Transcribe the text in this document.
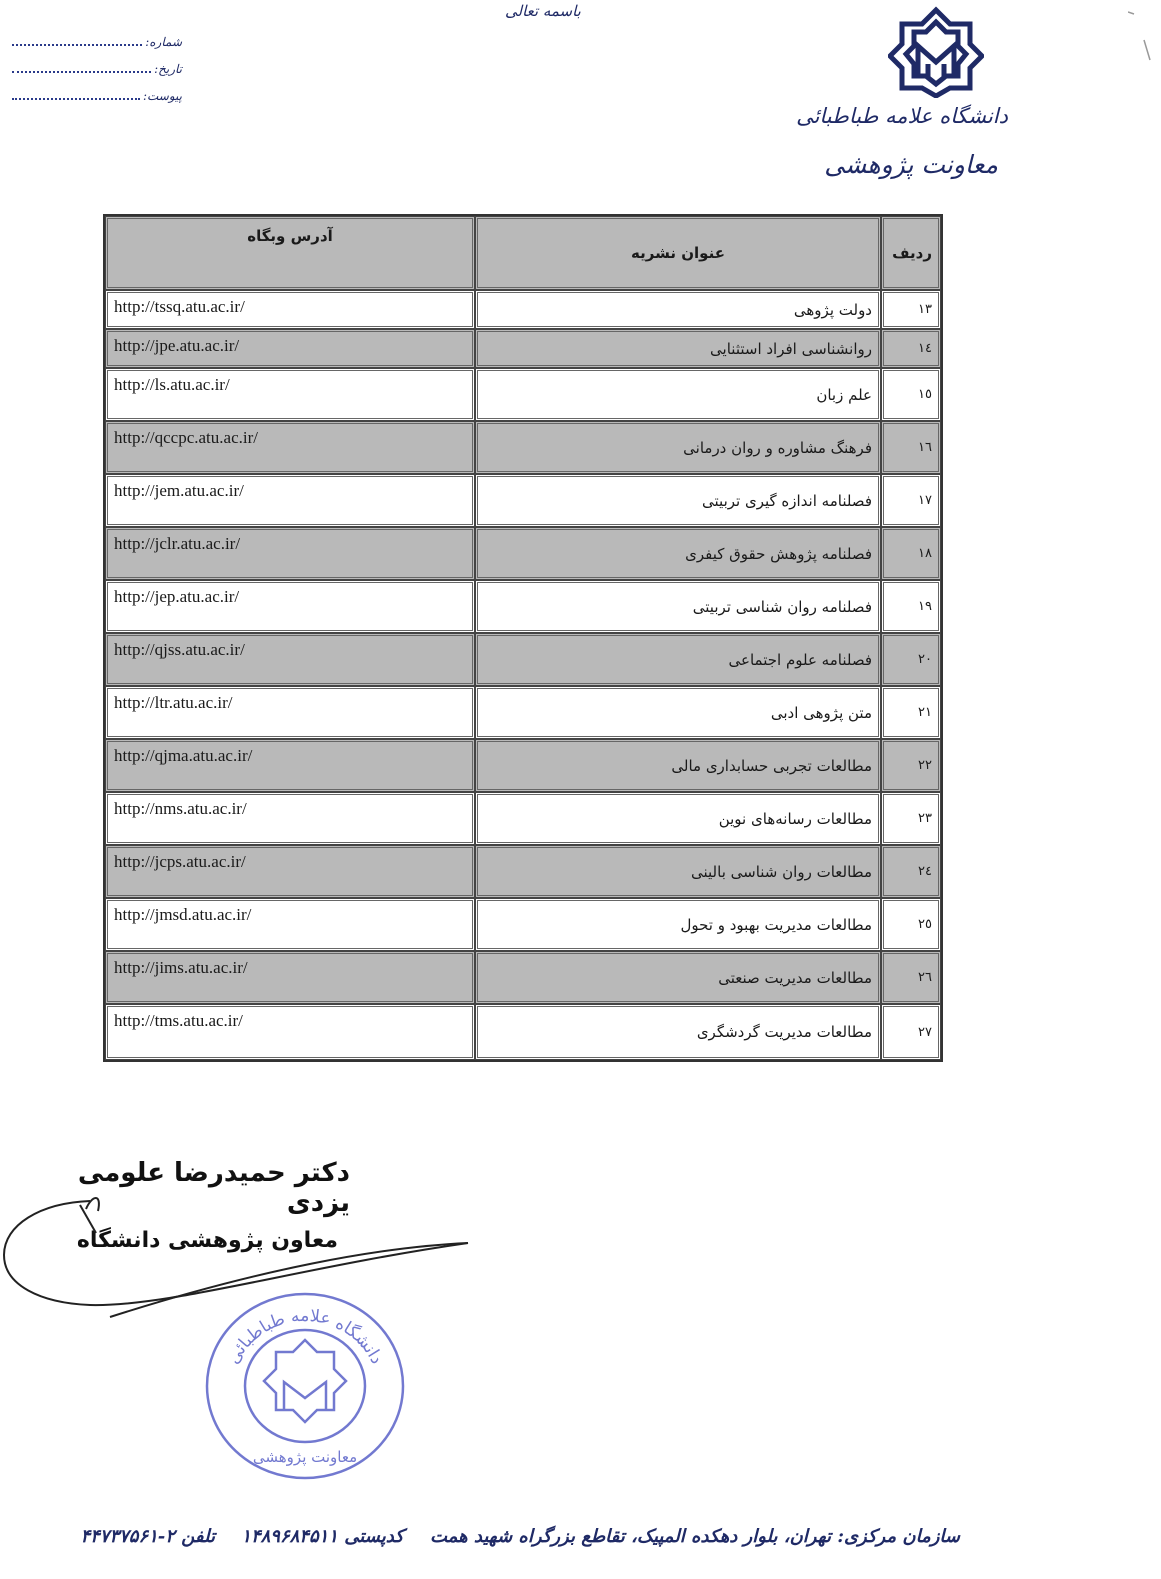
باسمه تعالی
شماره:
تاریخ:
پیوست:
دانشگاه علامه طباطبائی
معاونت پژوهشی
ردیف	عنوان نشریه	آدرس وبگاه
۱۳	دولت پژوهی	http://tssq.atu.ac.ir/
۱٤	روانشناسی افراد استثنایی	http://jpe.atu.ac.ir/
۱٥	علم زبان	http://ls.atu.ac.ir/
۱٦	فرهنگ مشاوره و روان درمانی	http://qccpc.atu.ac.ir/
۱۷	فصلنامه اندازه گیری تربیتی	http://jem.atu.ac.ir/
۱۸	فصلنامه پژوهش حقوق کیفری	http://jclr.atu.ac.ir/
۱۹	فصلنامه روان شناسی تربیتی	http://jep.atu.ac.ir/
۲۰	فصلنامه علوم اجتماعی	http://qjss.atu.ac.ir/
۲۱	متن پژوهی ادبی	http://ltr.atu.ac.ir/
۲۲	مطالعات تجربی حسابداری مالی	http://qjma.atu.ac.ir/
۲۳	مطالعات رسانه‌های نوین	http://nms.atu.ac.ir/
۲٤	مطالعات روان شناسی بالینی	http://jcps.atu.ac.ir/
۲٥	مطالعات مدیریت بهبود و تحول	http://jmsd.atu.ac.ir/
۲٦	مطالعات مدیریت صنعتی	http://jims.atu.ac.ir/
۲۷	مطالعات مدیریت گردشگری	http://tms.atu.ac.ir/
دکتر حمیدرضا علومی یزدی
معاون پژوهشی دانشگاه
دانشگاه علامه طباطبائی
معاونت پژوهشی
سازمان مرکزی: تهران، بلوار دهکده المپیک، تقاطع بزرگراه شهید همت کدپستی ۱۴۸۹۶۸۴۵۱۱ تلفن ۲-۴۴۷۳۷۵۶۱
